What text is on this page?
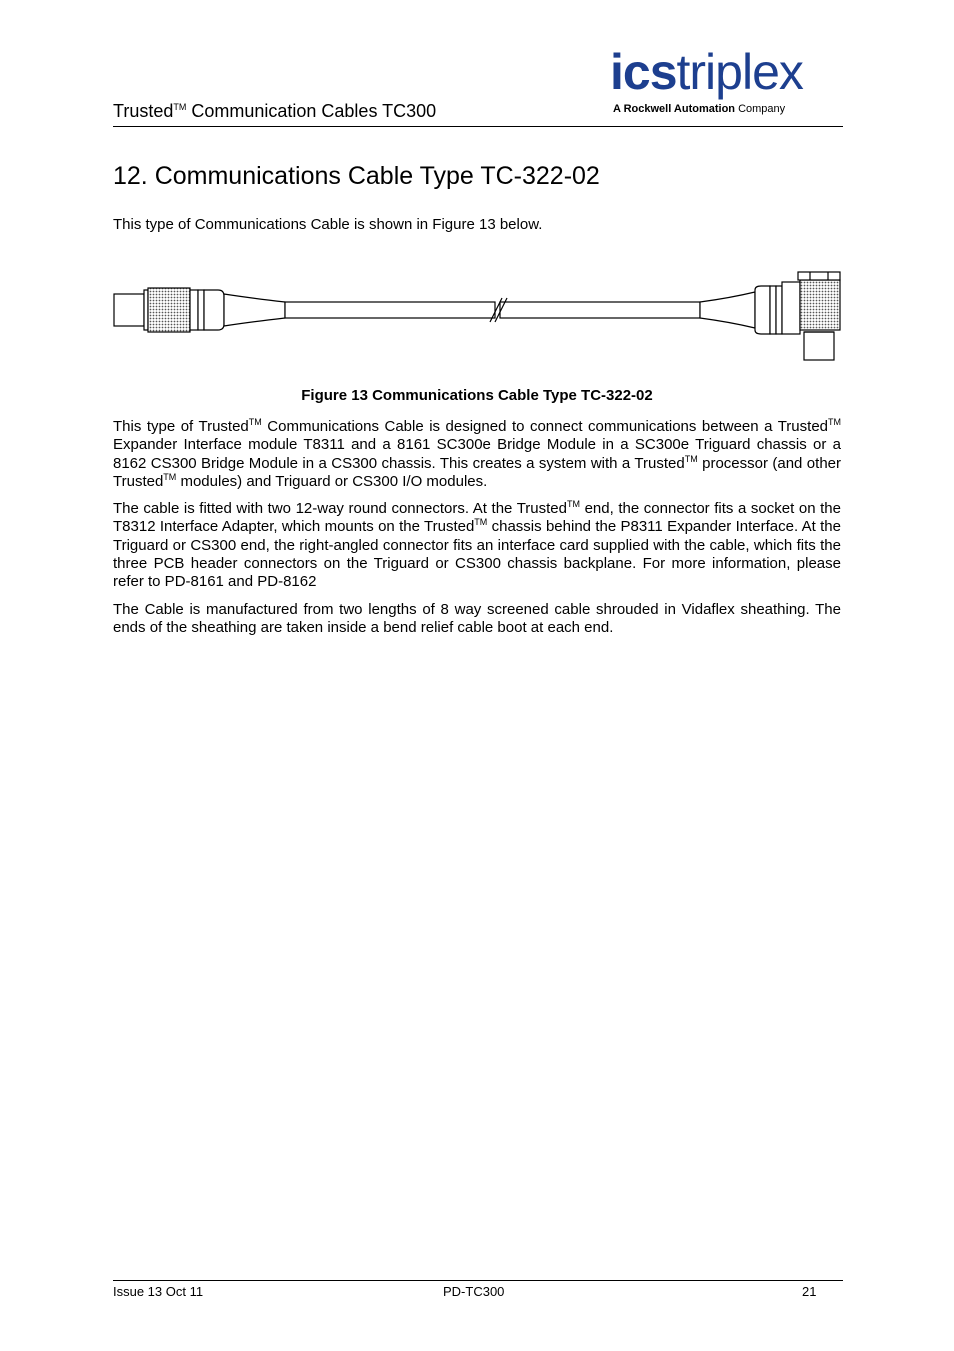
Trusted™ Communication Cables TC300
icstriplex
A Rockwell Automation Company
12. Communications Cable Type TC-322-02
This type of Communications Cable is shown in Figure 13 below.
Figure 13 Communications Cable Type TC-322-02

This type of Trusted™ Communications Cable is designed to connect communications between a Trusted™ Expander Interface module T8311 and a 8161 SC300e Bridge Module in a SC300e Triguard chassis or a 8162 CS300 Bridge Module in a CS300 chassis. This creates a system with a Trusted™ processor (and other Trusted™ modules) and Triguard or CS300 I/O modules.

The cable is fitted with two 12-way round connectors. At the Trusted™ end, the connector fits a socket on the T8312 Interface Adapter, which mounts on the Trusted™ chassis behind the P8311 Expander Interface. At the Triguard or CS300 end, the right-angled connector fits an interface card supplied with the cable, which fits the three PCB header connectors on the Triguard or CS300 chassis backplane. For more information, please refer to PD-8161 and PD-8162

The Cable is manufactured from two lengths of 8 way screened cable shrouded in Vidaflex sheathing. The ends of the sheathing are taken inside a bend relief cable boot at each end.

Issue 13 Oct 11	PD-TC300	21
